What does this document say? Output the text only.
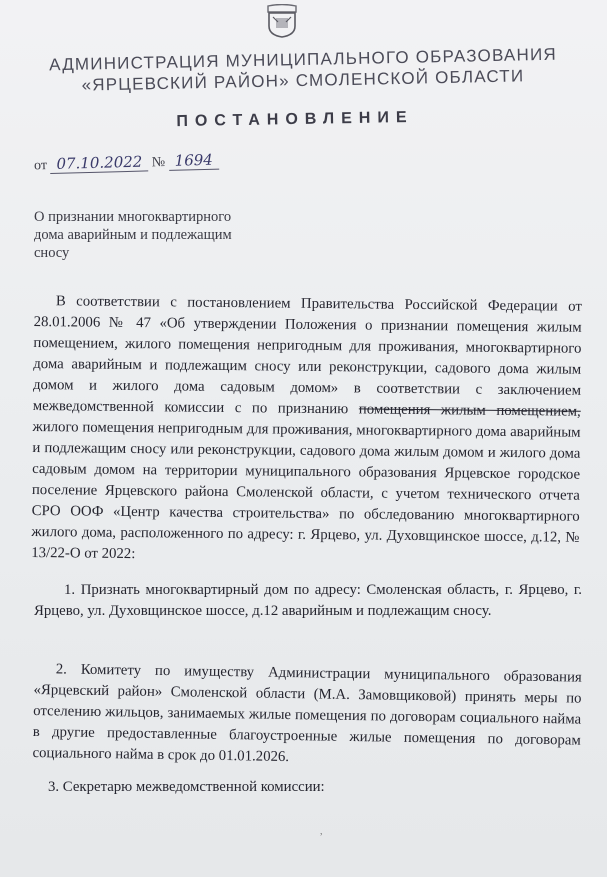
АДМИНИСТРАЦИЯ МУНИЦИПАЛЬНОГО ОБРАЗОВАНИЯ
«ЯРЦЕВСКИЙ РАЙОН» СМОЛЕНСКОЙ ОБЛАСТИ
ПОСТАНОВЛЕНИЕ
от 07.10.2022 № 1694
О признании многоквартирного
дома аварийным и подлежащим
сносу
В соответствии с постановлением Правительства Российской Федерации от 28.01.2006 № 47 «Об утверждении Положения о признании помещения жилым помещением, жилого помещения непригодным для проживания, многоквартирного дома аварийным и подлежащим сносу или реконструкции, садового дома жилым домом и жилого дома садовым домом» в соответствии с заключением межведомственной комиссии с по признанию помещения жилым помещением, жилого помещения непригодным для проживания, многоквартирного дома аварийным и подлежащим сносу или реконструкции, садового дома жилым домом и жилого дома садовым домом на территории муниципального образования Ярцевское городское поселение Ярцевского района Смоленской области, с учетом технического отчета СРО ООФ «Центр качества строительства» по обследованию многоквартирного жилого дома, расположенного по адресу: г. Ярцево, ул. Духовщинское шоссе, д.12, № 13/22-О от 2022:
1. Признать многоквартирный дом по адресу: Смоленская область, г. Ярцево, г. Ярцево, ул. Духовщинское шоссе, д.12 аварийным и подлежащим сносу.
2. Комитету по имуществу Администрации муниципального образования «Ярцевский район» Смоленской области (М.А. Замовщиковой) принять меры по отселению жильцов, занимаемых жилые помещения по договорам социального найма в другие предоставленные благоустроенные жилые помещения по договорам социального найма в срок до 01.01.2026.
3. Секретарю межведомственной комиссии:
,
